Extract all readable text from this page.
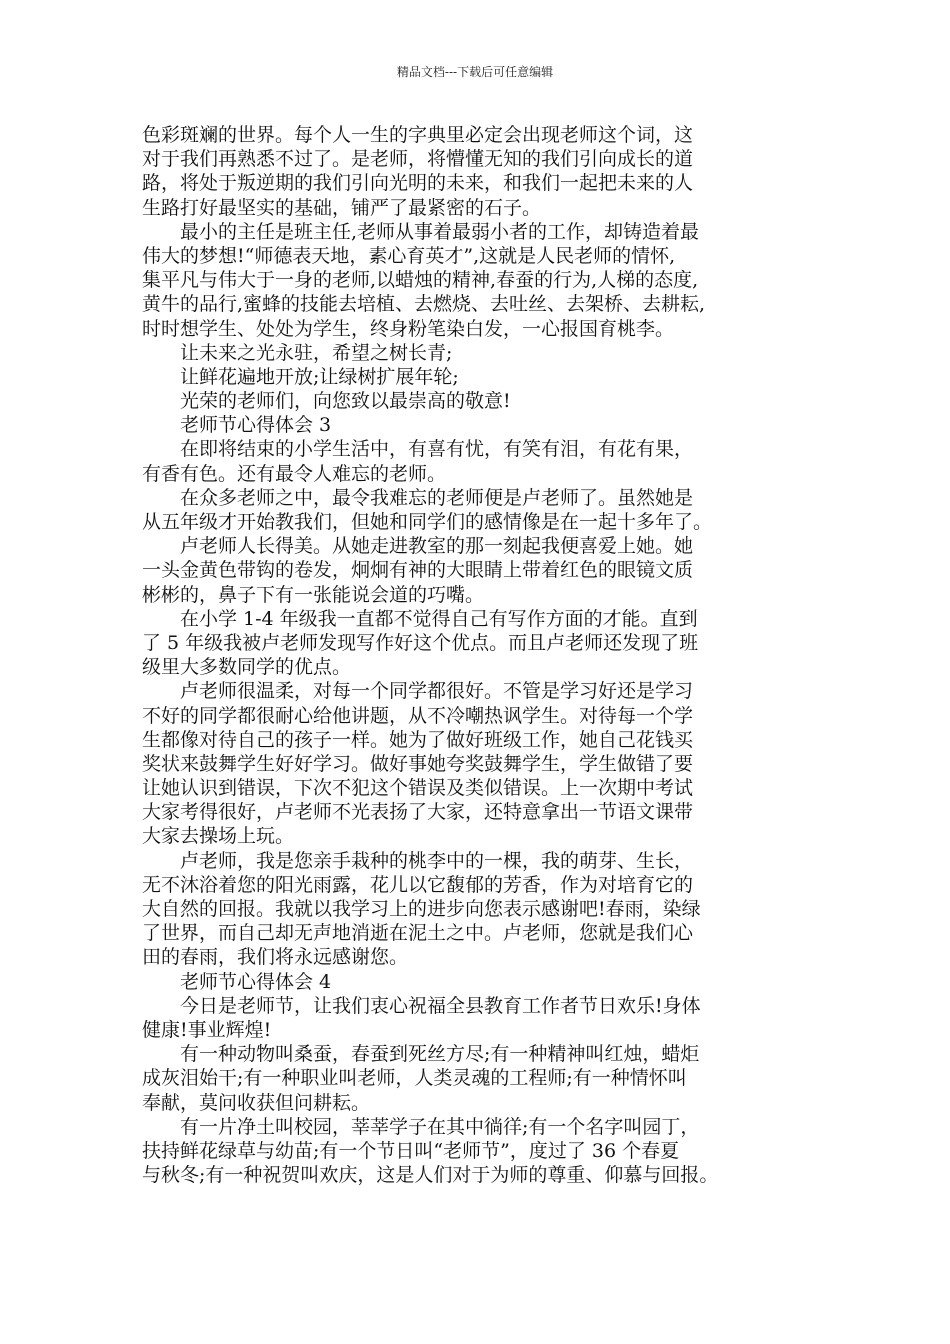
精品文档---下载后可任意编辑

色彩斑斓的世界。每个人一生的字典里必定会出现老师这个词，这
对于我们再熟悉不过了。是老师，将懵懂无知的我们引向成长的道
路，将处于叛逆期的我们引向光明的未来，和我们一起把未来的人
生路打好最坚实的基础，铺严了最紧密的石子。

　　最小的主任是班主任,老师从事着最弱小者的工作，却铸造着最
伟大的梦想!“师德表天地，素心育英才”,这就是人民老师的情怀,
集平凡与伟大于一身的老师,以蜡烛的精神,春蚕的行为,人梯的态度,
黄牛的品行,蜜蜂的技能去培植、去燃烧、去吐丝、去架桥、去耕耘,
时时想学生、处处为学生，终身粉笔染白发，一心报国育桃李。

　　让未来之光永驻，希望之树长青;

　　让鲜花遍地开放;让绿树扩展年轮;

　　光荣的老师们，向您致以最崇高的敬意!

　　老师节心得体会 3

　　在即将结束的小学生活中，有喜有忧，有笑有泪，有花有果，
有香有色。还有最令人难忘的老师。

　　在众多老师之中，最令我难忘的老师便是卢老师了。虽然她是
从五年级才开始教我们，但她和同学们的感情像是在一起十多年了。

　　卢老师人长得美。从她走进教室的那一刻起我便喜爱上她。她
一头金黄色带钩的卷发，炯炯有神的大眼睛上带着红色的眼镜文质
彬彬的，鼻子下有一张能说会道的巧嘴。

　　在小学 1-4 年级我一直都不觉得自己有写作方面的才能。直到
了 5 年级我被卢老师发现写作好这个优点。而且卢老师还发现了班
级里大多数同学的优点。

　　卢老师很温柔，对每一个同学都很好。不管是学习好还是学习
不好的同学都很耐心给他讲题，从不冷嘲热讽学生。对待每一个学
生都像对待自己的孩子一样。她为了做好班级工作，她自己花钱买
奖状来鼓舞学生好好学习。做好事她夸奖鼓舞学生，学生做错了要
让她认识到错误，下次不犯这个错误及类似错误。上一次期中考试
大家考得很好，卢老师不光表扬了大家，还特意拿出一节语文课带
大家去操场上玩。

　　卢老师，我是您亲手栽种的桃李中的一棵，我的萌芽、生长，
无不沐浴着您的阳光雨露，花儿以它馥郁的芳香，作为对培育它的
大自然的回报。我就以我学习上的进步向您表示感谢吧!春雨，染绿
了世界，而自己却无声地消逝在泥土之中。卢老师，您就是我们心
田的春雨，我们将永远感谢您。

　　老师节心得体会 4

　　今日是老师节，让我们衷心祝福全县教育工作者节日欢乐!身体
健康!事业辉煌!

　　有一种动物叫桑蚕，春蚕到死丝方尽;有一种精神叫红烛，蜡炬
成灰泪始干;有一种职业叫老师，人类灵魂的工程师;有一种情怀叫
奉献，莫问收获但问耕耘。

　　有一片净土叫校园，莘莘学子在其中徜徉;有一个名字叫园丁，
扶持鲜花绿草与幼苗;有一个节日叫“老师节”，度过了 36 个春夏
与秋冬;有一种祝贺叫欢庆，这是人们对于为师的尊重、仰慕与回报。
